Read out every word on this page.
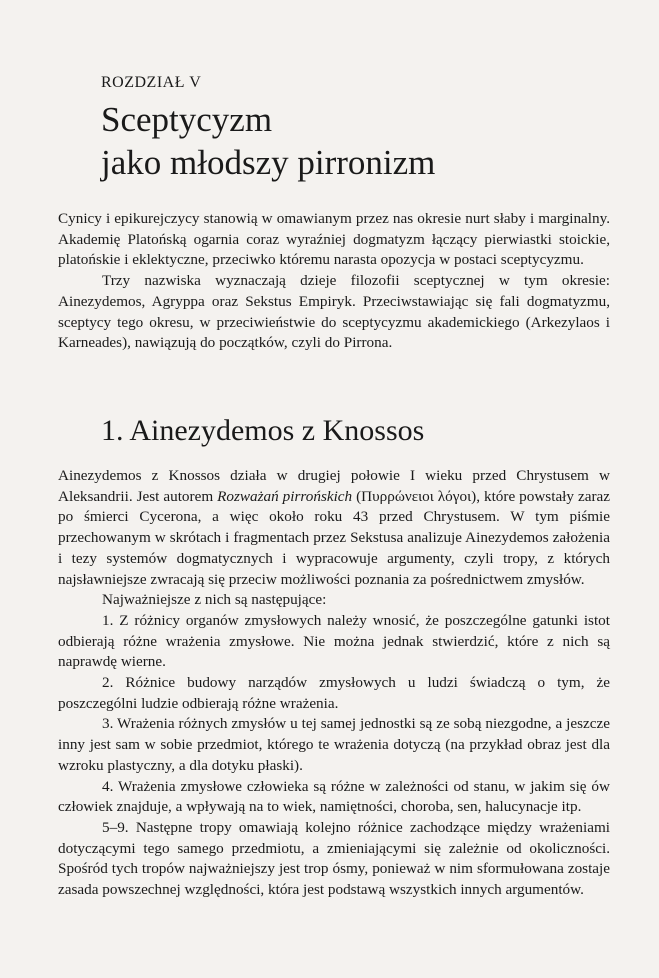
ROZDZIAŁ V
Sceptycyzm
jako młodszy pirronizm

Cynicy i epikurejczycy stanowią w omawianym przez nas okresie nurt słaby i marginalny. Akademię Platońską ogarnia coraz wyraźniej dogmatyzm łączący pierwiastki stoickie, platońskie i eklektyczne, przeciwko któremu narasta opozycja w postaci sceptycyzmu.

Trzy nazwiska wyznaczają dzieje filozofii sceptycznej w tym okresie: Ainezydemos, Agryppa oraz Sekstus Empiryk. Przeciwstawiając się fali dogmatyzmu, sceptycy tego okresu, w przeciwieństwie do sceptycyzmu akademickiego (Arkezylaos i Karneades), nawiązują do początków, czyli do Pirrona.

1. Ainezydemos z Knossos

Ainezydemos z Knossos działa w drugiej połowie I wieku przed Chrystusem w Aleksandrii. Jest autorem Rozważań pirrońskich (Πυρρώνειοι λόγοι), które powstały zaraz po śmierci Cycerona, a więc około roku 43 przed Chrystusem. W tym piśmie przechowanym w skrótach i fragmentach przez Sekstusa analizuje Ainezydemos założenia i tezy systemów dogmatycznych i wypracowuje argumenty, czyli tropy, z których najsławniejsze zwracają się przeciw możliwości poznania za pośrednictwem zmysłów.

Najważniejsze z nich są następujące:

1. Z różnicy organów zmysłowych należy wnosić, że poszczególne gatunki istot odbierają różne wrażenia zmysłowe. Nie można jednak stwierdzić, które z nich są naprawdę wierne.

2. Różnice budowy narządów zmysłowych u ludzi świadczą o tym, że poszczególni ludzie odbierają różne wrażenia.

3. Wrażenia różnych zmysłów u tej samej jednostki są ze sobą niezgodne, a jeszcze inny jest sam w sobie przedmiot, którego te wrażenia dotyczą (na przykład obraz jest dla wzroku plastyczny, a dla dotyku płaski).

4. Wrażenia zmysłowe człowieka są różne w zależności od stanu, w jakim się ów człowiek znajduje, a wpływają na to wiek, namiętności, choroba, sen, halucynacje itp.

5–9. Następne tropy omawiają kolejno różnice zachodzące między wrażeniami dotyczącymi tego samego przedmiotu, a zmieniającymi się zależnie od okoliczności. Spośród tych tropów najważniejszy jest trop ósmy, ponieważ w nim sformułowana zostaje zasada powszechnej względności, która jest podstawą wszystkich innych argumentów.
